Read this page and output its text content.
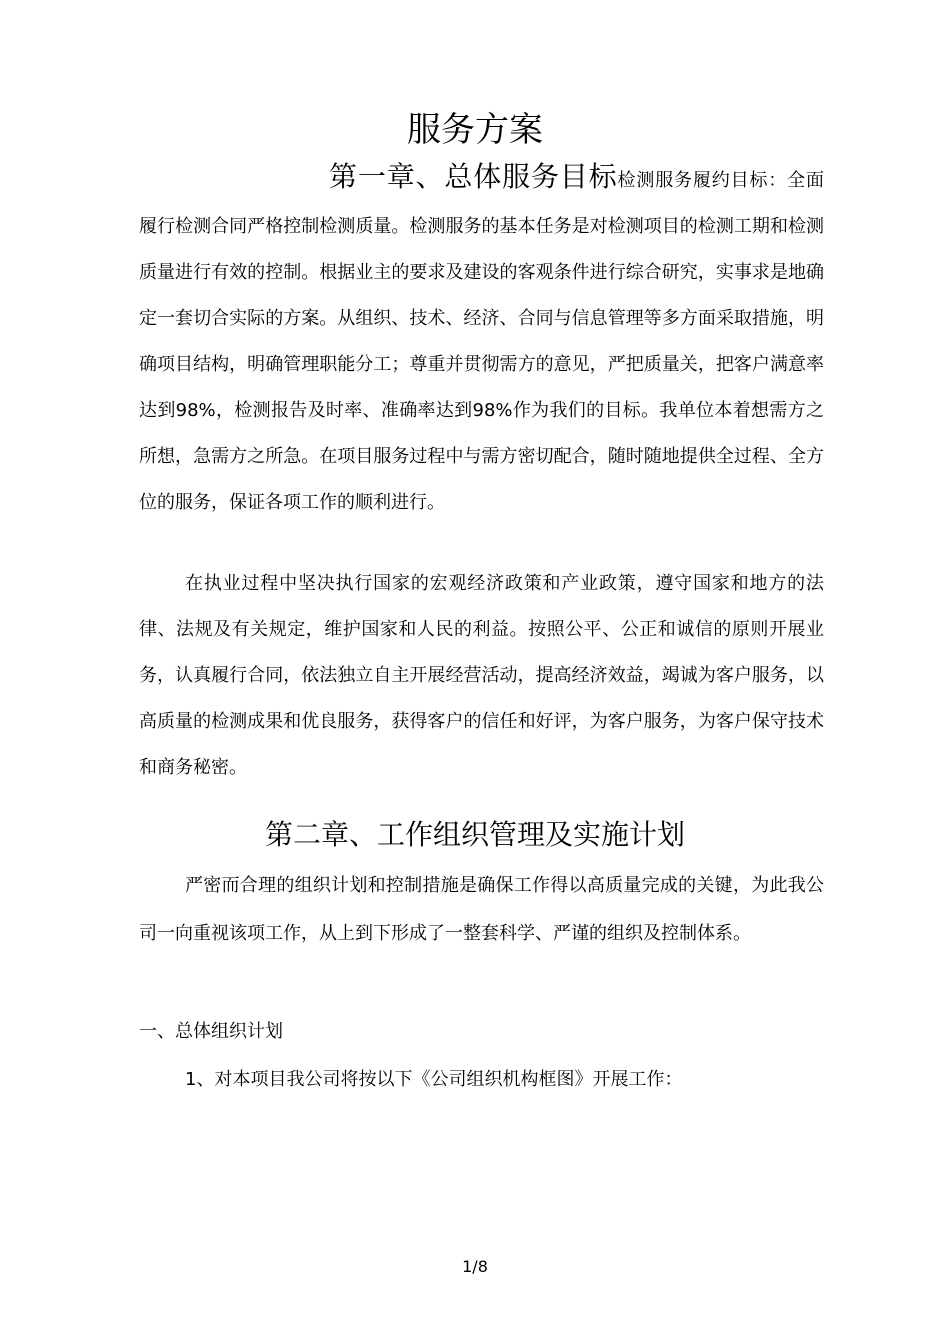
服务方案
第一章、总体服务目标检测服务履约目标：全面履行检测合同严格控制检测质量。检测服务的基本任务是对检测项目的检测工期和检测质量进行有效的控制。根据业主的要求及建设的客观条件进行综合研究，实事求是地确定一套切合实际的方案。从组织、技术、经济、合同与信息管理等多方面采取措施，明确项目结构，明确管理职能分工；尊重并贯彻需方的意见，严把质量关，把客户满意率达到98%，检测报告及时率、准确率达到98%作为我们的目标。我单位本着想需方之所想，急需方之所急。在项目服务过程中与需方密切配合，随时随地提供全过程、全方位的服务，保证各项工作的顺利进行。
在执业过程中坚决执行国家的宏观经济政策和产业政策，遵守国家和地方的法律、法规及有关规定，维护国家和人民的利益。按照公平、公正和诚信的原则开展业务，认真履行合同，依法独立自主开展经营活动，提高经济效益，竭诚为客户服务，以高质量的检测成果和优良服务，获得客户的信任和好评，为客户服务，为客户保守技术和商务秘密。
第二章、工作组织管理及实施计划
严密而合理的组织计划和控制措施是确保工作得以高质量完成的关键，为此我公司一向重视该项工作，从上到下形成了一整套科学、严谨的组织及控制体系。
一、总体组织计划
1、对本项目我公司将按以下《公司组织机构框图》开展工作：
1/8
